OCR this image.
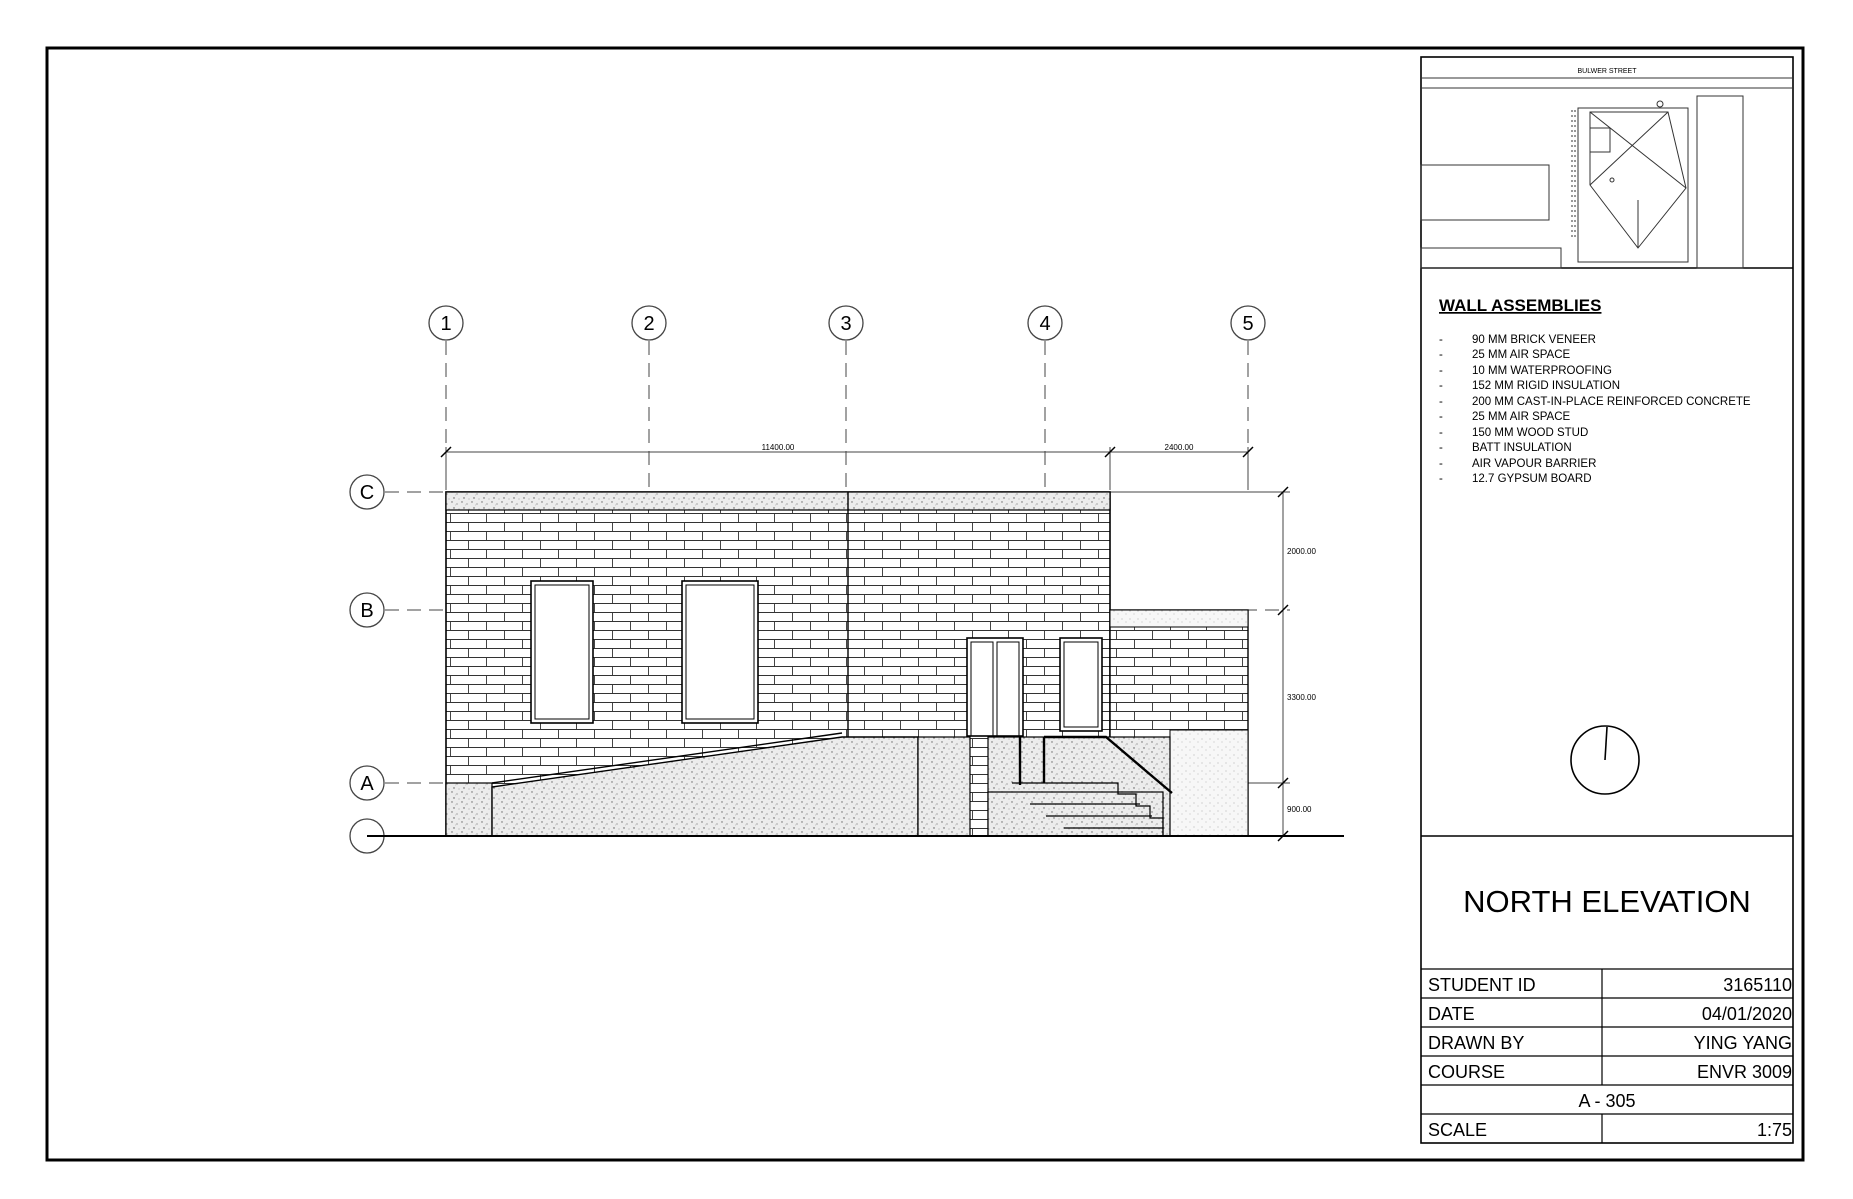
1	2	3	4	5
C
B
A
11400.00	2400.00
2000.00
3300.00
900.00
BULWER STREET
WALL ASSEMBLIES
-	90 MM BRICK VENEER
-	25 MM AIR SPACE
-	10 MM WATERPROOFING
-	152 MM RIGID INSULATION
-	200 MM CAST-IN-PLACE REINFORCED CONCRETE
-	25 MM AIR SPACE
-	150 MM WOOD STUD
-	BATT INSULATION
-	AIR VAPOUR BARRIER
-	12.7 GYPSUM BOARD
NORTH ELEVATION
STUDENT ID	3165110
DATE	04/01/2020
DRAWN BY	YING YANG
COURSE	ENVR 3009
A - 305
SCALE	1:75
